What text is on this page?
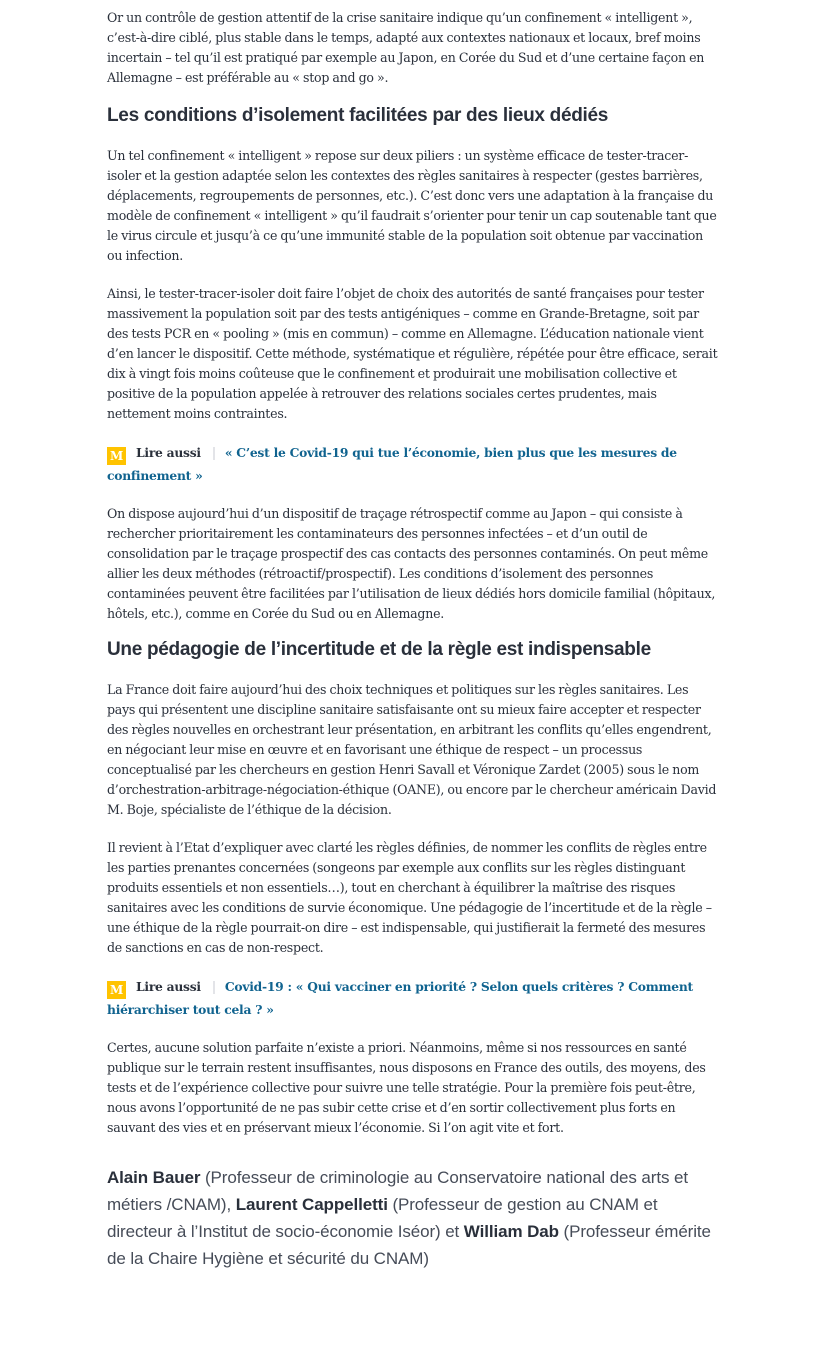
Or un contrôle de gestion attentif de la crise sanitaire indique qu’un confinement « intelligent », c’est-à-dire ciblé, plus stable dans le temps, adapté aux contextes nationaux et locaux, bref moins incertain – tel qu’il est pratiqué par exemple au Japon, en Corée du Sud et d’une certaine façon en Allemagne – est préférable au « stop and go ».

Les conditions d’isolement facilitées par des lieux dédiés

Un tel confinement « intelligent » repose sur deux piliers : un système efficace de tester-tracer-isoler et la gestion adaptée selon les contextes des règles sanitaires à respecter (gestes barrières, déplacements, regroupements de personnes, etc.). C’est donc vers une adaptation à la française du modèle de confinement « intelligent » qu’il faudrait s’orienter pour tenir un cap soutenable tant que le virus circule et jusqu’à ce qu’une immunité stable de la population soit obtenue par vaccination ou infection.

Ainsi, le tester-tracer-isoler doit faire l’objet de choix des autorités de santé françaises pour tester massivement la population soit par des tests antigéniques – comme en Grande-Bretagne, soit par des tests PCR en « pooling » (mis en commun) – comme en Allemagne. L’éducation nationale vient d’en lancer le dispositif. Cette méthode, systématique et régulière, répétée pour être efficace, serait dix à vingt fois moins coûteuse que le confinement et produirait une mobilisation collective et positive de la population appelée à retrouver des relations sociales certes prudentes, mais nettement moins contraintes.

M Lire aussi | « C’est le Covid-19 qui tue l’économie, bien plus que les mesures de confinement »

On dispose aujourd’hui d’un dispositif de traçage rétrospectif comme au Japon – qui consiste à rechercher prioritairement les contaminateurs des personnes infectées – et d’un outil de consolidation par le traçage prospectif des cas contacts des personnes contaminés. On peut même allier les deux méthodes (rétroactif/prospectif). Les conditions d’isolement des personnes contaminées peuvent être facilitées par l’utilisation de lieux dédiés hors domicile familial (hôpitaux, hôtels, etc.), comme en Corée du Sud ou en Allemagne.

Une pédagogie de l’incertitude et de la règle est indispensable

La France doit faire aujourd’hui des choix techniques et politiques sur les règles sanitaires. Les pays qui présentent une discipline sanitaire satisfaisante ont su mieux faire accepter et respecter des règles nouvelles en orchestrant leur présentation, en arbitrant les conflits qu’elles engendrent, en négociant leur mise en œuvre et en favorisant une éthique de respect – un processus conceptualisé par les chercheurs en gestion Henri Savall et Véronique Zardet (2005) sous le nom d’orchestration-arbitrage-négociation-éthique (OANE), ou encore par le chercheur américain David M. Boje, spécialiste de l’éthique de la décision.

Il revient à l’Etat d’expliquer avec clarté les règles définies, de nommer les conflits de règles entre les parties prenantes concernées (songeons par exemple aux conflits sur les règles distinguant produits essentiels et non essentiels…), tout en cherchant à équilibrer la maîtrise des risques sanitaires avec les conditions de survie économique. Une pédagogie de l’incertitude et de la règle – une éthique de la règle pourrait-on dire – est indispensable, qui justifierait la fermeté des mesures de sanctions en cas de non-respect.

M Lire aussi | Covid-19 : « Qui vacciner en priorité ? Selon quels critères ? Comment hiérarchiser tout cela ? »

Certes, aucune solution parfaite n’existe a priori. Néanmoins, même si nos ressources en santé publique sur le terrain restent insuffisantes, nous disposons en France des outils, des moyens, des tests et de l’expérience collective pour suivre une telle stratégie. Pour la première fois peut-être, nous avons l’opportunité de ne pas subir cette crise et d’en sortir collectivement plus forts en sauvant des vies et en préservant mieux l’économie. Si l’on agit vite et fort.

Alain Bauer (Professeur de criminologie au Conservatoire national des arts et métiers /CNAM), Laurent Cappelletti (Professeur de gestion au CNAM et directeur à l’Institut de socio-économie Iséor) et William Dab (Professeur émérite de la Chaire Hygiène et sécurité du CNAM)
